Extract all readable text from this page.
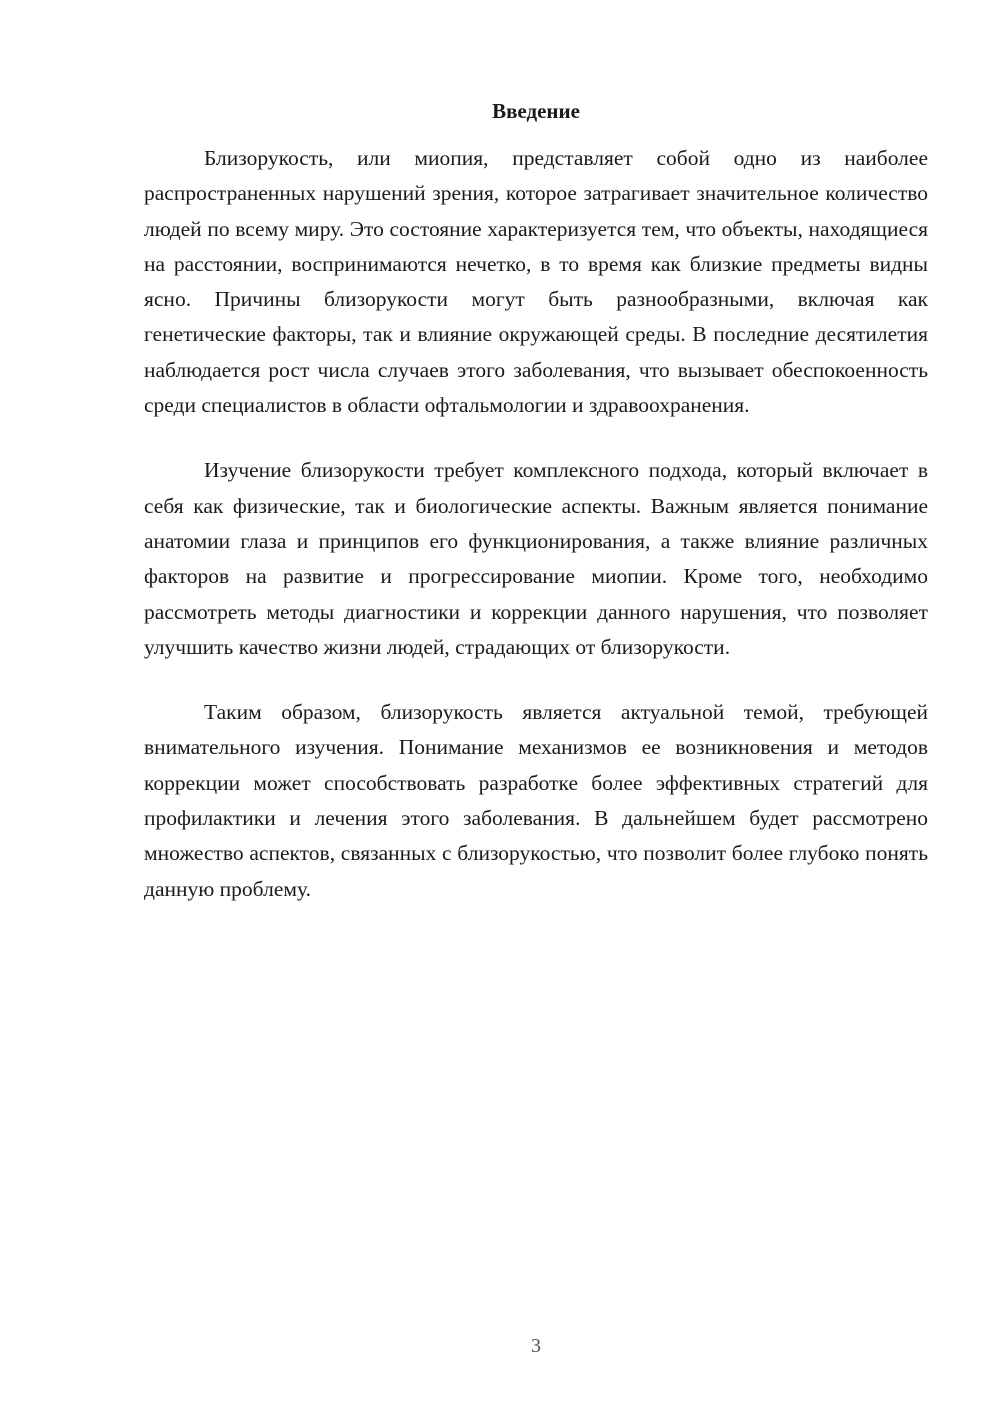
Введение

Близорукость, или миопия, представляет собой одно из наиболее распространенных нарушений зрения, которое затрагивает значительное количество людей по всему миру. Это состояние характеризуется тем, что объекты, находящиеся на расстоянии, воспринимаются нечетко, в то время как близкие предметы видны ясно. Причины близорукости могут быть разнообразными, включая как генетические факторы, так и влияние окружающей среды. В последние десятилетия наблюдается рост числа случаев этого заболевания, что вызывает обеспокоенность среди специалистов в области офтальмологии и здравоохранения.

Изучение близорукости требует комплексного подхода, который включает в себя как физические, так и биологические аспекты. Важным является понимание анатомии глаза и принципов его функционирования, а также влияние различных факторов на развитие и прогрессирование миопии. Кроме того, необходимо рассмотреть методы диагностики и коррекции данного нарушения, что позволяет улучшить качество жизни людей, страдающих от близорукости.

Таким образом, близорукость является актуальной темой, требующей внимательного изучения. Понимание механизмов ее возникновения и методов коррекции может способствовать разработке более эффективных стратегий для профилактики и лечения этого заболевания. В дальнейшем будет рассмотрено множество аспектов, связанных с близорукостью, что позволит более глубоко понять данную проблему.

3
